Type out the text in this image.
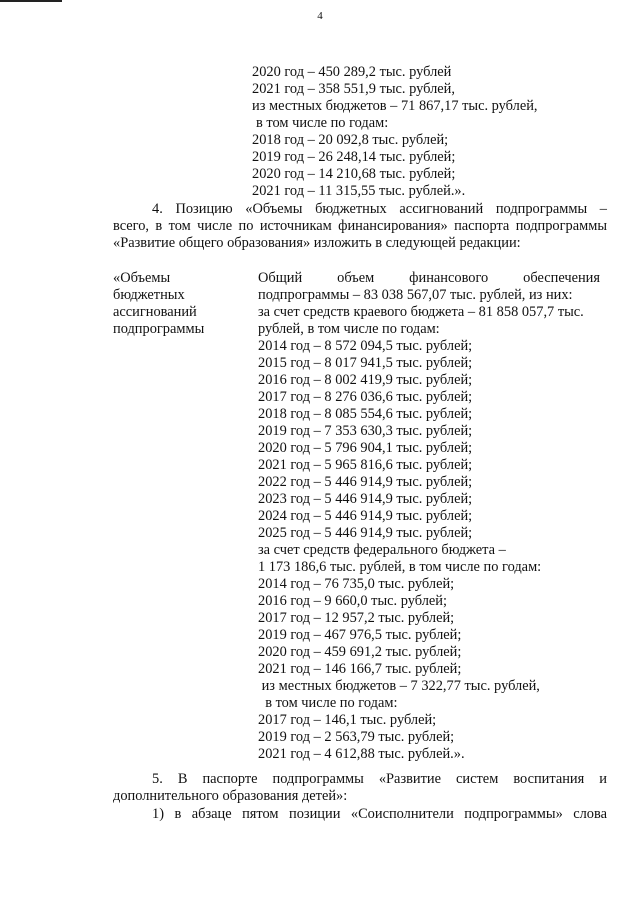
4
2020 год – 450 289,2 тыс. рублей
2021 год – 358 551,9 тыс. рублей,
из местных бюджетов – 71 867,17 тыс. рублей,
в том числе по годам:
2018 год – 20 092,8 тыс. рублей;
2019 год – 26 248,14 тыс. рублей;
2020 год – 14 210,68 тыс. рублей;
2021 год – 11 315,55 тыс. рублей.».
4. Позицию «Объемы бюджетных ассигнований подпрограммы –
всего, в том числе по источникам финансирования» паспорта подпрограммы
«Развитие общего образования» изложить в следующей редакции:
«Объемы
бюджетных
ассигнований
подпрограммы
Общий объем финансового обеспечения
подпрограммы – 83 038 567,07 тыс. рублей, из них:
за счет средств краевого бюджета – 81 858 057,7 тыс.
рублей, в том числе по годам:
2014 год – 8 572 094,5 тыс. рублей;
2015 год – 8 017 941,5 тыс. рублей;
2016 год – 8 002 419,9 тыс. рублей;
2017 год – 8 276 036,6 тыс. рублей;
2018 год – 8 085 554,6 тыс. рублей;
2019 год – 7 353 630,3 тыс. рублей;
2020 год – 5 796 904,1 тыс. рублей;
2021 год – 5 965 816,6 тыс. рублей;
2022 год – 5 446 914,9 тыс. рублей;
2023 год – 5 446 914,9 тыс. рублей;
2024 год – 5 446 914,9 тыс. рублей;
2025 год – 5 446 914,9 тыс. рублей;
за счет средств федерального бюджета –
1 173 186,6 тыс. рублей, в том числе по годам:
2014 год – 76 735,0 тыс. рублей;
2016 год – 9 660,0 тыс. рублей;
2017 год – 12 957,2 тыс. рублей;
2019 год – 467 976,5 тыс. рублей;
2020 год – 459 691,2 тыс. рублей;
2021 год – 146 166,7 тыс. рублей;
из местных бюджетов – 7 322,77 тыс. рублей,
в том числе по годам:
2017 год – 146,1 тыс. рублей;
2019 год – 2 563,79 тыс. рублей;
2021 год – 4 612,88 тыс. рублей.».
5. В паспорте подпрограммы «Развитие систем воспитания и
дополнительного образования детей»:
1) в абзаце пятом позиции «Соисполнители подпрограммы» слова
